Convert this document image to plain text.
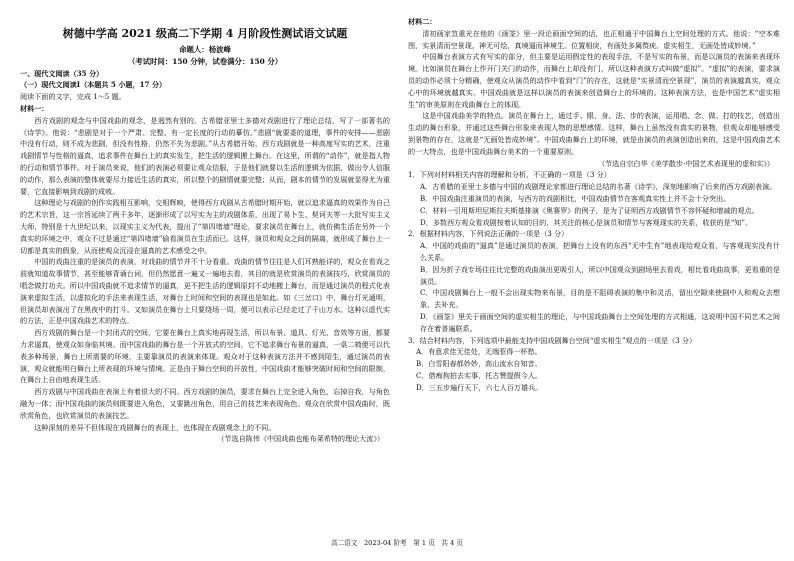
树德中学高 2021 级高二下学期 4 月阶段性测试语文试题
命题人：杨波峰
（考试时间：150 分钟，试卷满分：150 分）

一、现代文阅读（35 分）

（一）现代文阅读Ⅰ（本题共 5 小题，17 分）

阅读下面的文字，完成 1～5 题。

材料一：

西方戏剧的观念与中国戏曲的观念，是迥然有别的。古希腊亚里士多德对戏剧进行了理论总结，写了一部著名的《诗学》。他说：“悲剧是对于一个严肃、完整、有一定长度的行动的摹仿。”悲剧“就要委的道理，事件的安排——悲剧中没有行动，则不成为悲剧，但没有性格，仍然不失为悲剧。”从古希腊开始，西方戏剧就是一种高度写实的艺术，注重戏剧情节与性格的逼真，追求事件在舞台上的真实发生，把生活的逻辑搬上舞台。在这里，所谓的“动作”，就是指人物的行动和情节事件。对于演员来说，他们的表演必须要让观众信服，于是他们就要以生活的逻辑为依据，做出令人信服的动作，那么表演的整体就要尽力接近生活的真实，所以整个的剧情就要完整；从而，剧本的情节的发展就显得尤为重要，它直接影响到戏剧的成败。

这种理论与戏剧的创作实践相互影响，交相辉映，使得西方戏剧从古希腊时期开始，就以追求逼真的效果作为自己的艺术宗旨，这一宗旨延续了两千多年，逐渐形成了以写实为主的戏剧体系，出现了易卜生、契诃夫等一大批写实主义大师，特别是十九世纪以来，以现实主义为代表，提出了“第四堵墙”理论，要求演员在舞台上，就仿佛生活在另外一个真实的环境之中，观众不过是通过“第四堵墙”偷看演员在生活而已。这样，演员和观众之间的隔离，就形成了舞台上一切都是真实的假象，从而使观众沉浸在逼真的艺术感受之中。

中国的戏曲注重的是演员的表演，对戏曲的情节并不十分看重。戏曲的情节往往是人们耳熟能详的，观众在看戏之前就知道故事情节，甚至能够背诵台词，但仍然愿意一遍又一遍地去看，其目的就是欣赏演员的表演技巧，欣赏演员的唱念做打功夫。所以中国戏曲就不追求情节的逼真，更不把生活的逻辑原封不动地搬上舞台，而是通过演员的程式化表演来虚拟生活，以虚拟化的手法来表现生活，对舞台上时间和空间的表现也是如此。如《三岔口》中，舞台灯光通明，但演员却表演出了在黑夜中的打斗。又如演员在舞台上只要绕场一周，便可以表示已经走过了千山万水。这种以虚代实的方法，正是中国戏曲艺术的特点。

西方戏剧的舞台是一个封闭式的空间，它要在舞台上真实地再现生活，所以布景、道具、灯光、音效等方面，都要力求逼真，使观众如身临其境。而中国戏曲的舞台是一个开放式的空间，它不追求舞台布景的逼真，一桌二椅便可以代表多种场景，舞台上所需要的环境，主要靠演员的表演来体现。观众对于这种表演方法并不感到陌生，通过演员的表演，观众就能明白舞台上所表现的环境与情境。正是由于舞台空间的开放性，中国戏曲才能够突破时间和空间的限制，在舞台上自由地表现生活。

西方戏剧与中国戏曲在表演上有着很大的不同。西方戏剧的演员，要求在舞台上完全进入角色，忘掉自我，与角色融为一体；而中国戏曲的演员则既要进入角色，又要跳出角色，用自己的技艺来表现角色。观众在欣赏中国戏曲时，既欣赏角色，也欣赏演员的表演技艺。

这种深刻的差异不但体现在戏剧舞台的表现上，也体现在戏剧观念上的不同。

（节选自陈伟《中国戏曲也能布莱希特的理论大流》）

材料二：

清初画家笪重光在他的《画筌》里一段论画面空间的话，也正相通于中国舞台上空间处理的方式。他说：“空本难图，实景清而空景现。神无可绘，真境逼而神境生。位置相戾，有画处多属赘疣。虚实相生，无画处皆成妙境。”

中国舞台表演方式有写实的部分，但主要是运用假定性的表现手法，不是写实的布景，而是以演员的表演来表现环境。比如演员在舞台上作开门关门的动作，而舞台上却没有门，所以这种表演方式叫做“虚拟”。“虚拟”的表演，要求演员的动作必须十分精确，使观众从演员的动作中看到“门”的存在，这就是“实景清而空景现”，演员的表演越真实，观众心中的环境就越真实。中国戏曲就是这样以演员的表演来创造舞台上的环境的。这种表演方法，也是中国艺术“虚实相生”的审美原则在戏曲舞台上的体现。

这是中国戏曲美学的特点。演员在舞台上，通过手、眼、身、法、步的表演，运用唱、念、做、打的技艺，创造出生动的舞台形象，并通过这些舞台形象来表现人物的思想感情。这样，舞台上虽然没有真实的景物，但观众却能够感受到景物的存在，这就是“无画处皆成妙境”。中国戏曲舞台上的环境，就是由演员的表演创造出来的，这是中国戏曲艺术的一大特点，也是中国戏曲舞台美术的一个重要原则。

（节选自宗白华《美学散步·中国艺术表现里的虚和实》）

1．下列对材料相关内容的理解和分析，不正确的一项是（3 分）

A．古希腊的亚里士多德与中国的戏剧理论家都进行理论总结的名著《诗学》，深刻地影响了后来的西方戏剧表演。

B．中国戏曲注重演员的表演，与西方的戏剧相比，中国戏曲情节在客观真实性上并不会十分突出。

C．材料一引用斯坦尼斯拉夫斯基排演《奥赛罗》的例子，是为了证明西方戏剧情节不容怀疑和增减的观点。

D．多数西方观众看戏剧按着认知的目的，其关注的核心是演员和情节与客观现实的关系，收获的是“知”。

2．根据材料内容，下列说法正确的一项是（3 分）

A．中国的戏曲的“逼真”是通过演员的表演，把舞台上没有的东西“无中生有”地表现给观众看，与客观现实没有什么关系。

B．因为折子戏专场往往比完整的戏曲演出更吸引人，所以中国观众到剧场里去看戏，相比看戏曲故事，更看重的是演员。

C．中国戏剧舞台上一般不会出现实物来布景，目的是不阻碍表演的集中和灵活，留出空隙来使剧中人和观众去想象、去补充。

D．《画筌》里关于画面空间的虚实相生的理论，与中国戏曲舞台上空间处理的方式相通，这说明中国不同艺术之间存在着普遍联系。

3．结合材料内容，下列选项中最能支持中国戏剧舞台空间“虚实相生”观点的一项是（3 分）

A．有意求佳无佳处，无端惹得一杯愁。

B．白雪阳春都妙妙，高山流水自知音。

C．借痴拘拍去实事，托古赞提假今人。

D．三五步遍行天下，六七人百万雄兵。

高二语文　2023-04 阶考　第 1 页　共 4 页
